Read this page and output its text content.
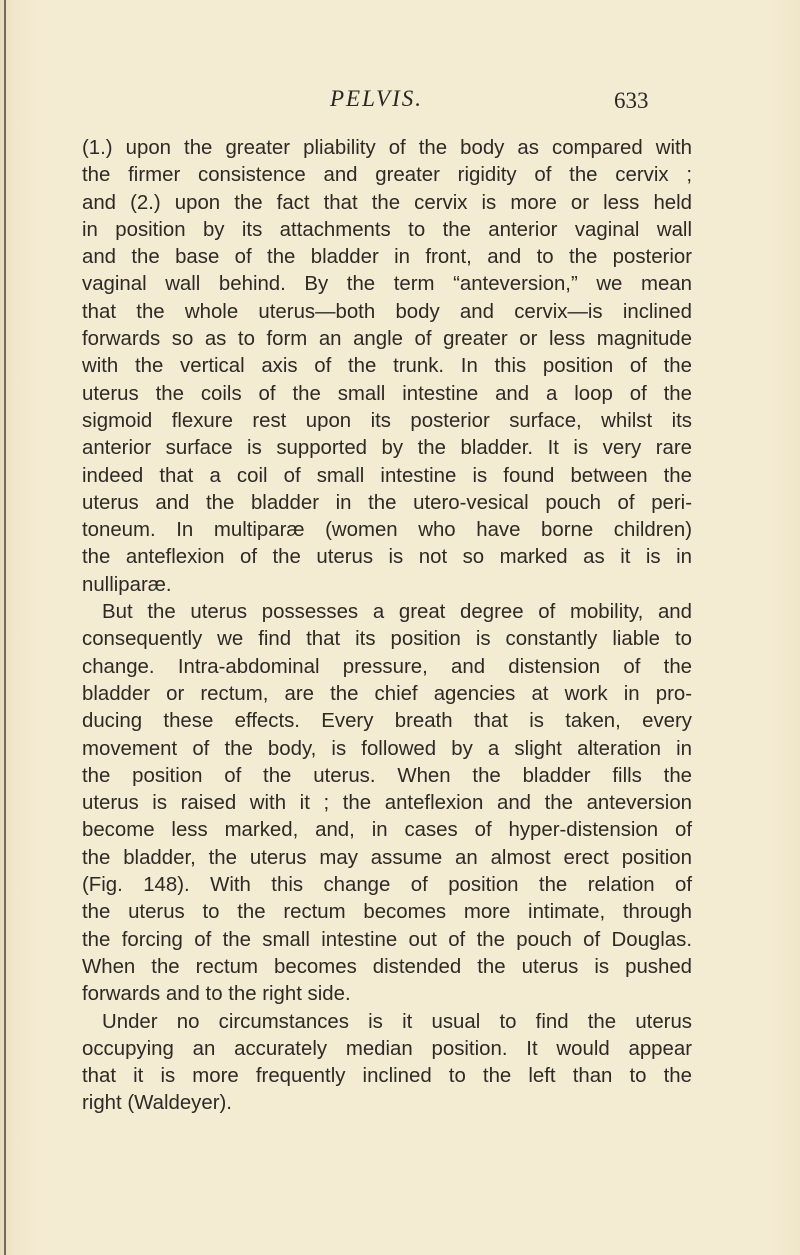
PELVIS.	633
(1.) upon the greater pliability of the body as compared with
the firmer consistence and greater rigidity of the cervix ;
and (2.) upon the fact that the cervix is more or less held
in position by its attachments to the anterior vaginal wall
and the base of the bladder in front, and to the posterior
vaginal wall behind. By the term “anteversion,” we mean
that the whole uterus—both body and cervix—is inclined
forwards so as to form an angle of greater or less magnitude
with the vertical axis of the trunk. In this position of the
uterus the coils of the small intestine and a loop of the
sigmoid flexure rest upon its posterior surface, whilst its
anterior surface is supported by the bladder. It is very rare
indeed that a coil of small intestine is found between the
uterus and the bladder in the utero-vesical pouch of peri-
toneum. In multiparæ (women who have borne children)
the anteflexion of the uterus is not so marked as it is in
nulliparæ.
But the uterus possesses a great degree of mobility, and
consequently we find that its position is constantly liable to
change. Intra-abdominal pressure, and distension of the
bladder or rectum, are the chief agencies at work in pro-
ducing these effects. Every breath that is taken, every
movement of the body, is followed by a slight alteration in
the position of the uterus. When the bladder fills the
uterus is raised with it ; the anteflexion and the anteversion
become less marked, and, in cases of hyper-distension of
the bladder, the uterus may assume an almost erect position
(Fig. 148). With this change of position the relation of
the uterus to the rectum becomes more intimate, through
the forcing of the small intestine out of the pouch of Douglas.
When the rectum becomes distended the uterus is pushed
forwards and to the right side.
Under no circumstances is it usual to find the uterus
occupying an accurately median position. It would appear
that it is more frequently inclined to the left than to the
right (Waldeyer).
